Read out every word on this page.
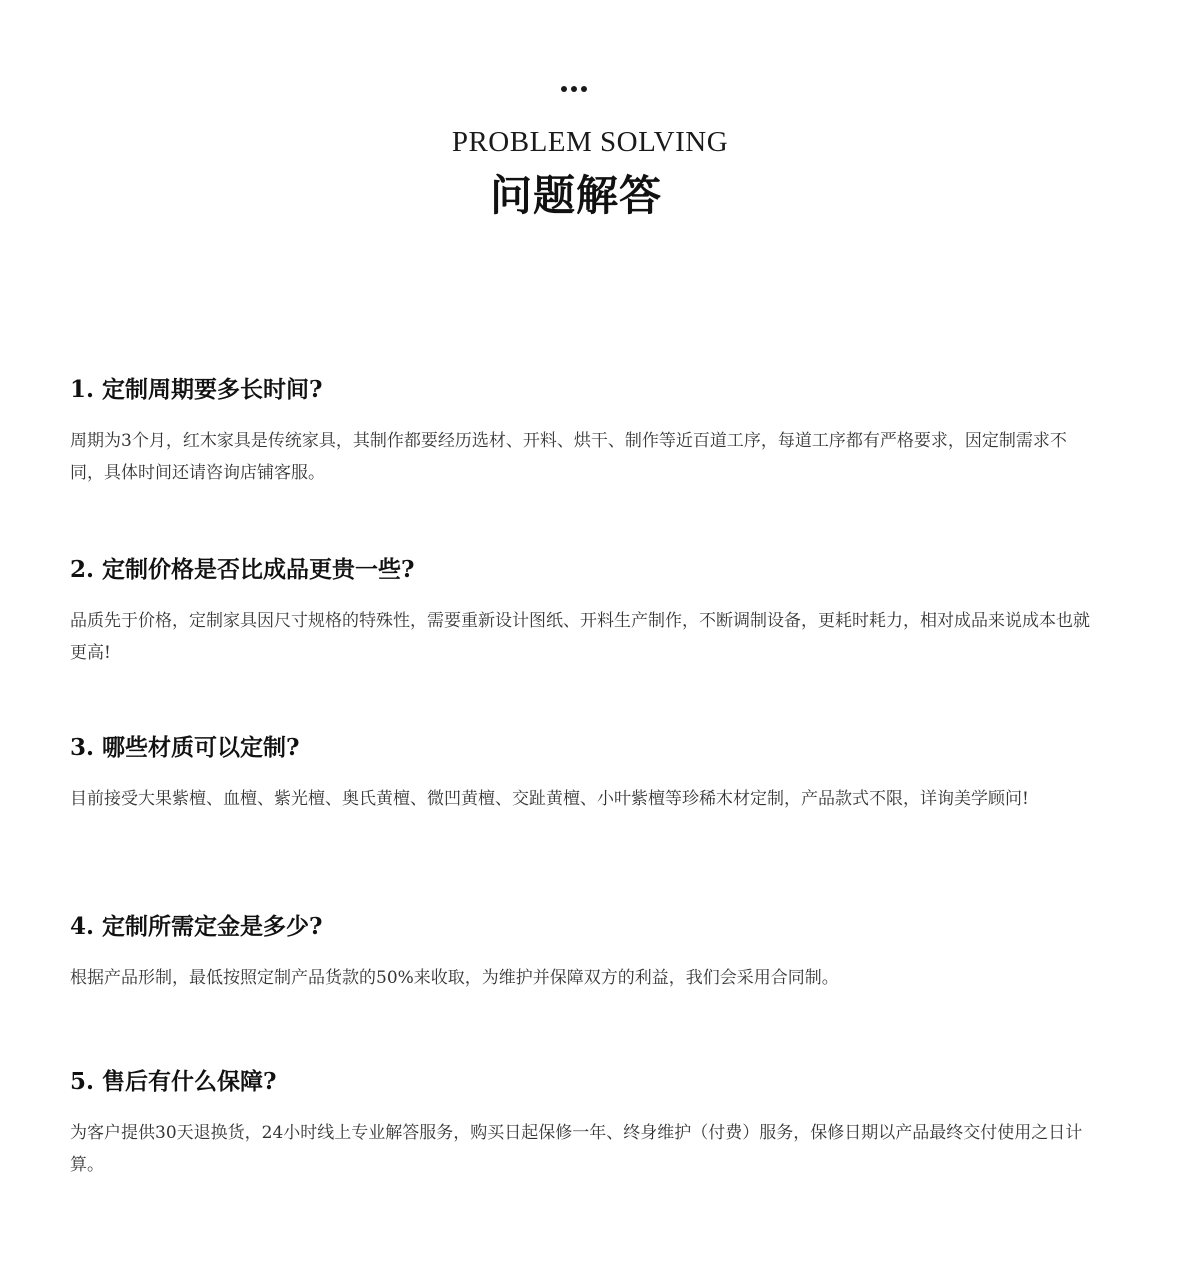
PROBLEM SOLVING
问题解答
1. 定制周期要多长时间?
周期为3个月，红木家具是传统家具，其制作都要经历选材、开料、烘干、制作等近百道工序，每道工序都有严格要求，因定制需求不同，具体时间还请咨询店铺客服。
2. 定制价格是否比成品更贵一些?
品质先于价格，定制家具因尺寸规格的特殊性，需要重新设计图纸、开料生产制作，不断调制设备，更耗时耗力，相对成品来说成本也就更高!
3. 哪些材质可以定制?
目前接受大果紫檀、血檀、紫光檀、奥氏黄檀、微凹黄檀、交趾黄檀、小叶紫檀等珍稀木材定制，产品款式不限，详询美学顾问!
4. 定制所需定金是多少?
根据产品形制，最低按照定制产品货款的50%来收取，为维护并保障双方的利益，我们会采用合同制。
5. 售后有什么保障?
为客户提供30天退换货，24小时线上专业解答服务，购买日起保修一年、终身维护（付费）服务，保修日期以产品最终交付使用之日计算。
